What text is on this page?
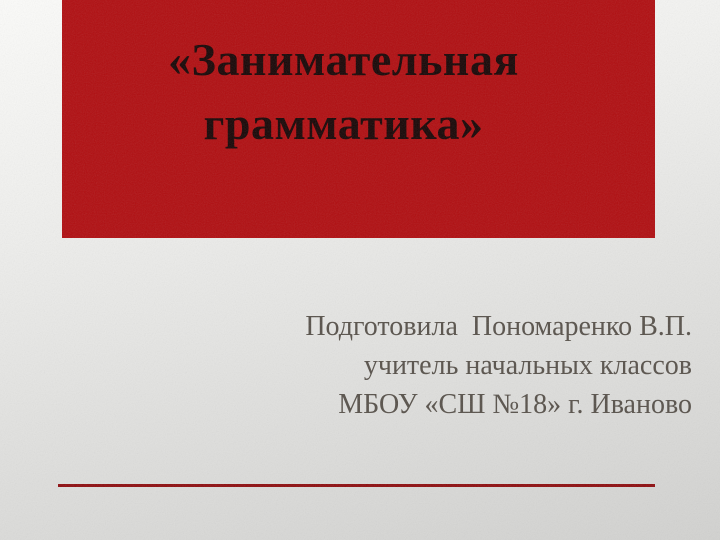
«Занимательная
грамматика»
Подготовила  Пономаренко В.П.
учитель начальных классов
МБОУ «СШ №18» г. Иваново
